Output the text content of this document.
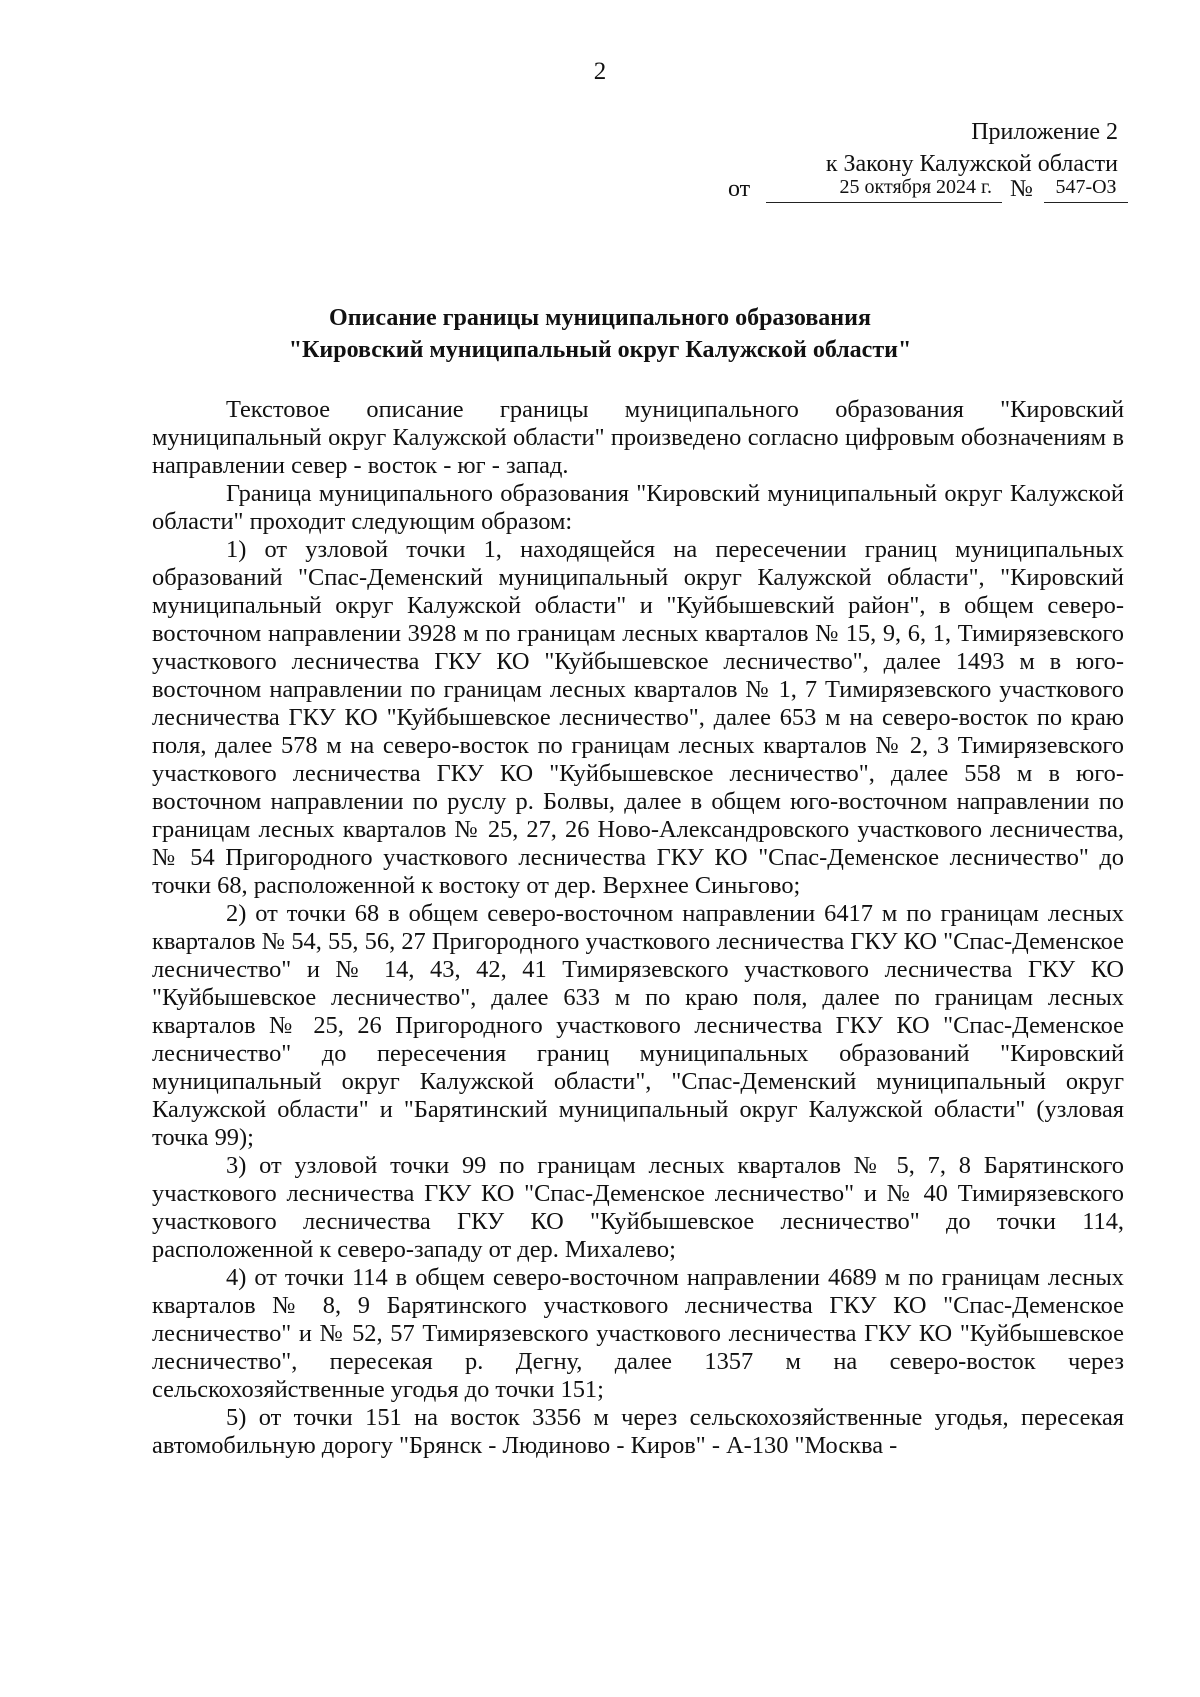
2
Приложение 2
к Закону Калужской области
от	25 октября 2024 г. №	547-ОЗ
Описание границы муниципального образования
"Кировский муниципальный округ Калужской области"

Текстовое описание границы муниципального образования "Кировский муниципальный округ Калужской области" произведено согласно цифровым обозначениям в направлении север - восток - юг - запад.

Граница муниципального образования "Кировский муниципальный округ Калужской области" проходит следующим образом:

1) от узловой точки 1, находящейся на пересечении границ муниципальных образований "Спас-Деменский муниципальный округ Калужской области", "Кировский муниципальный округ Калужской области" и "Куйбышевский район", в общем северо-восточном направлении 3928 м по границам лесных кварталов № 15, 9, 6, 1, Тимирязевского участкового лесничества ГКУ КО "Куйбышевское лесничество", далее 1493 м в юго-восточном направлении по границам лесных кварталов № 1, 7 Тимирязевского участкового лесничества ГКУ КО "Куйбышевское лесничество", далее 653 м на северо-восток по краю поля, далее 578 м на северо-восток по границам лесных кварталов № 2, 3 Тимирязевского участкового лесничества ГКУ КО "Куйбышевское лесничество", далее 558 м в юго-восточном направлении по руслу р. Болвы, далее в общем юго-восточном направлении по границам лесных кварталов № 25, 27, 26 Ново-Александровского участкового лесничества, № 54 Пригородного участкового лесничества ГКУ КО "Спас-Деменское лесничество" до точки 68, расположенной к востоку от дер. Верхнее Синьгово;

2) от точки 68 в общем северо-восточном направлении 6417 м по границам лесных кварталов № 54, 55, 56, 27 Пригородного участкового лесничества ГКУ КО "Спас-Деменское лесничество" и № 14, 43, 42, 41 Тимирязевского участкового лесничества ГКУ КО "Куйбышевское лесничество", далее 633 м по краю поля, далее по границам лесных кварталов № 25, 26 Пригородного участкового лесничества ГКУ КО "Спас-Деменское лесничество" до пересечения границ муниципальных образований "Кировский муниципальный округ Калужской области", "Спас-Деменский муниципальный округ Калужской области" и "Барятинский муниципальный округ Калужской области" (узловая точка 99);

3) от узловой точки 99 по границам лесных кварталов № 5, 7, 8 Барятинского участкового лесничества ГКУ КО "Спас-Деменское лесничество" и № 40 Тимирязевского участкового лесничества ГКУ КО "Куйбышевское лесничество" до точки 114, расположенной к северо-западу от дер. Михалево;

4) от точки 114 в общем северо-восточном направлении 4689 м по границам лесных кварталов № 8, 9 Барятинского участкового лесничества ГКУ КО "Спас-Деменское лесничество" и № 52, 57 Тимирязевского участкового лесничества ГКУ КО "Куйбышевское лесничество", пересекая р. Дегну, далее 1357 м на северо-восток через сельскохозяйственные угодья до точки 151;

5) от точки 151 на восток 3356 м через сельскохозяйственные угодья, пересекая автомобильную дорогу "Брянск - Людиново - Киров" - А-130 "Москва -
